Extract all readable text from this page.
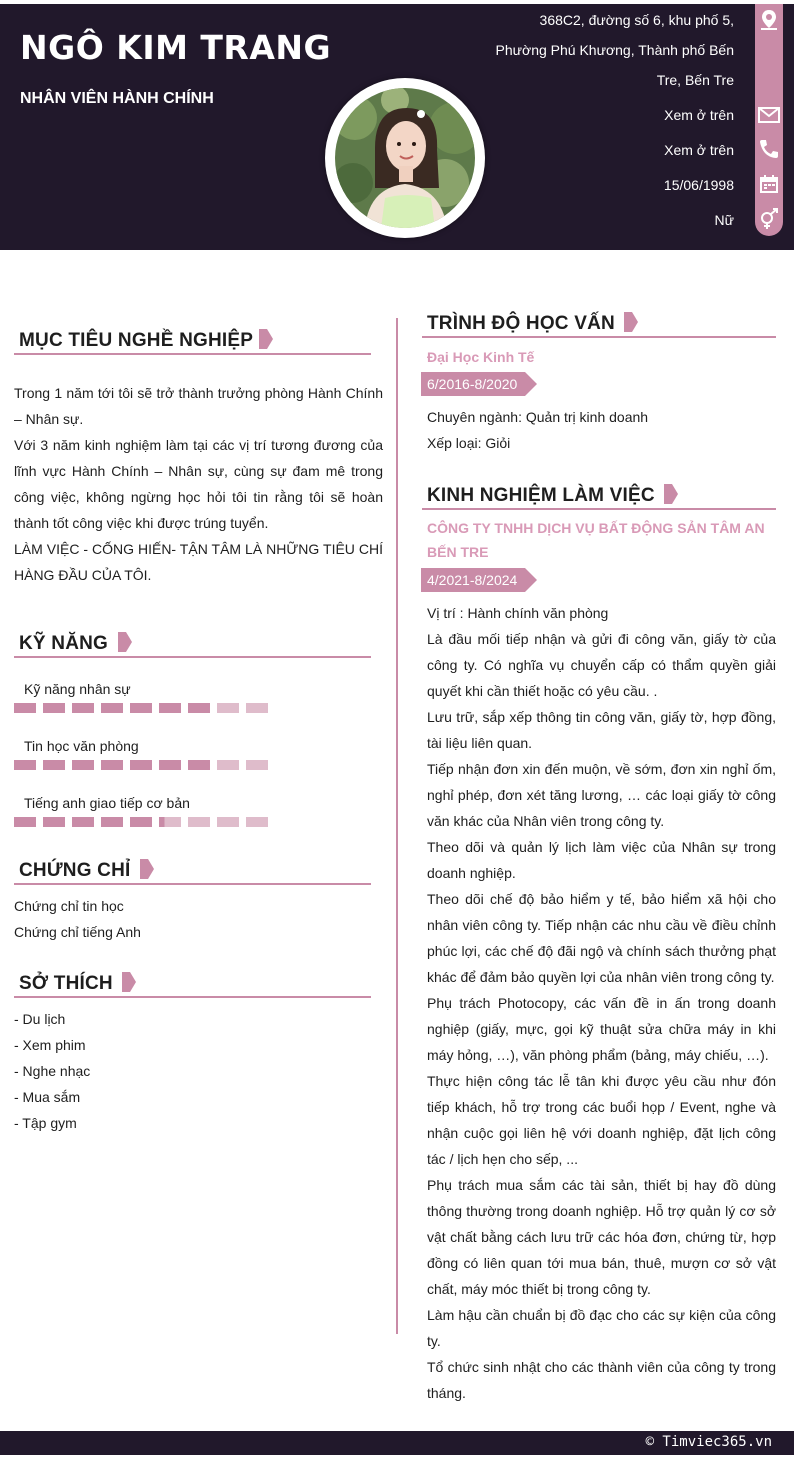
NGÔ KIM TRANG
NHÂN VIÊN HÀNH CHÍNH
368C2, đường số 6, khu phố 5,
Phường Phú Khương, Thành phố Bến
Tre, Bến Tre
Xem ở trên
Xem ở trên
15/06/1998
Nữ
MỤC TIÊU NGHỀ NGHIỆP
Trong 1 năm tới tôi sẽ trở thành trưởng phòng Hành Chính – Nhân sự.
Với 3 năm kinh nghiệm làm tại các vị trí tương đương của lĩnh vực Hành Chính – Nhân sự, cùng sự đam mê trong công việc, không ngừng học hỏi tôi tin rằng tôi sẽ hoàn thành tốt công việc khi được trúng tuyển.
LÀM VIỆC - CỐNG HIẾN- TẬN TÂM LÀ NHỮNG TIÊU CHÍ HÀNG ĐẦU CỦA TÔI.
KỸ NĂNG
Kỹ năng nhân sự
Tin học văn phòng
Tiếng anh giao tiếp cơ bản
CHỨNG CHỈ
Chứng chỉ tin học
Chứng chỉ tiếng Anh
SỞ THÍCH
- Du lịch
- Xem phim
- Nghe nhạc
- Mua sắm
- Tập gym
TRÌNH ĐỘ HỌC VẤN
Đại Học Kinh Tế
6/2016-8/2020
Chuyên ngành: Quản trị kinh doanh
Xếp loại: Giỏi
KINH NGHIỆM LÀM VIỆC
CÔNG TY TNHH DỊCH VỤ BẤT ĐỘNG SẢN TÂM AN BẾN TRE
4/2021-8/2024
Vị trí : Hành chính văn phòng
Là đầu mối tiếp nhận và gửi đi công văn, giấy tờ của công ty. Có nghĩa vụ chuyển cấp có thẩm quyền giải quyết khi cần thiết hoặc có yêu cầu. .
Lưu trữ, sắp xếp thông tin công văn, giấy tờ, hợp đồng, tài liệu liên quan.
Tiếp nhận đơn xin đến muộn, về sớm, đơn xin nghỉ ốm, nghỉ phép, đơn xét tăng lương, … các loại giấy tờ công văn khác của Nhân viên trong công ty.
Theo dõi và quản lý lịch làm việc của Nhân sự trong doanh nghiệp.
Theo dõi chế độ bảo hiểm y tế, bảo hiểm xã hội cho nhân viên công ty. Tiếp nhận các nhu cầu về điều chỉnh phúc lợi, các chế độ đãi ngộ và chính sách thưởng phạt khác để đảm bảo quyền lợi của nhân viên trong công ty.
Phụ trách Photocopy, các vấn đề in ấn trong doanh nghiệp (giấy, mực, gọi kỹ thuật sửa chữa máy in khi máy hỏng, …), văn phòng phẩm (bảng, máy chiếu, …).
Thực hiện công tác lễ tân khi được yêu cầu như đón tiếp khách, hỗ trợ trong các buổi họp / Event, nghe và nhận cuộc gọi liên hệ với doanh nghiệp, đặt lịch công tác / lịch hẹn cho sếp, ...
Phụ trách mua sắm các tài sản, thiết bị hay đồ dùng thông thường trong doanh nghiệp. Hỗ trợ quản lý cơ sở vật chất bằng cách lưu trữ các hóa đơn, chứng từ, hợp đồng có liên quan tới mua bán, thuê, mượn cơ sở vật chất, máy móc thiết bị trong công ty.
Làm hậu cần chuẩn bị đồ đạc cho các sự kiện của công ty.
Tổ chức sinh nhật cho các thành viên của công ty trong tháng.
© Timviec365.vn
